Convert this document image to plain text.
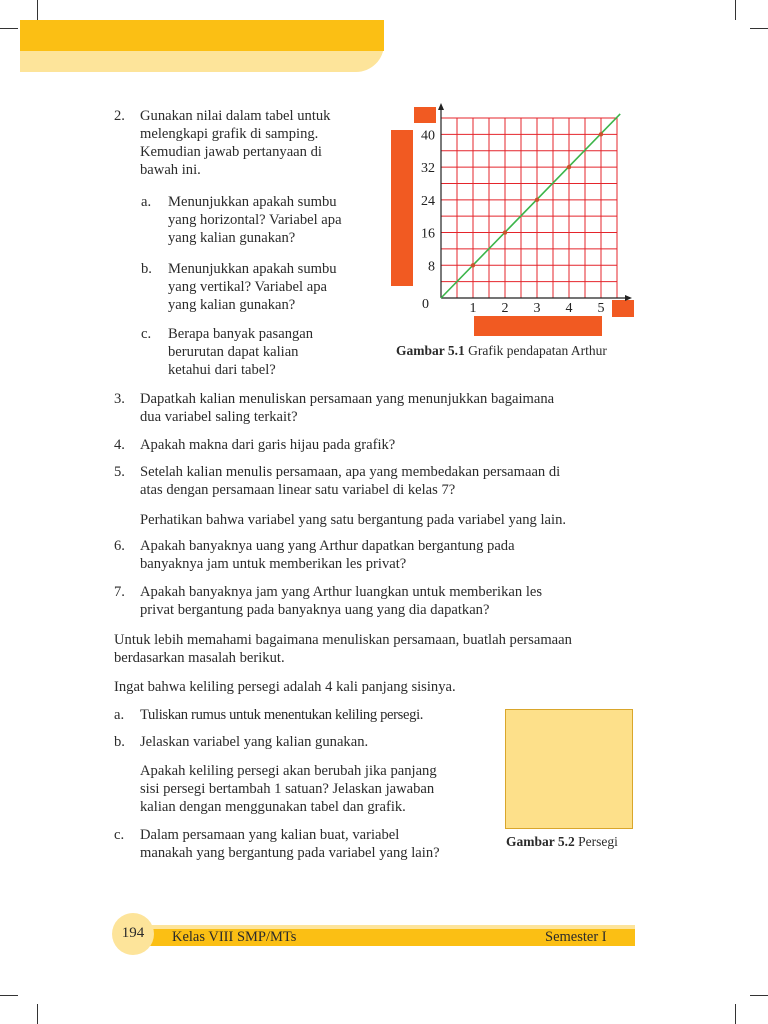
2. Gunakan nilai dalam tabel untuk
melengkapi grafik di samping.
Kemudian jawab pertanyaan di
bawah ini.
a. Menunjukkan apakah sumbu
yang horizontal? Variabel apa
yang kalian gunakan?
b. Menunjukkan apakah sumbu
yang vertikal? Variabel apa
yang kalian gunakan?
c. Berapa banyak pasangan
berurutan dapat kalian
ketahui dari tabel?
1 2 3 4 5
8
16
24
32
40
0
Gambar 5.1 Grafik pendapatan Arthur
3. Dapatkah kalian menuliskan persamaan yang menunjukkan bagaimana
dua variabel saling terkait?
4. Apakah makna dari garis hijau pada grafik?
5. Setelah kalian menulis persamaan, apa yang membedakan persamaan di
atas dengan persamaan linear satu variabel di kelas 7?
Perhatikan bahwa variabel yang satu bergantung pada variabel yang lain.
6. Apakah banyaknya uang yang Arthur dapatkan bergantung pada
banyaknya jam untuk memberikan les privat?
7. Apakah banyaknya jam yang Arthur luangkan untuk memberikan les
privat bergantung pada banyaknya uang yang dia dapatkan?
Untuk lebih memahami bagaimana menuliskan persamaan, buatlah persamaan
berdasarkan masalah berikut.
Ingat bahwa keliling persegi adalah 4 kali panjang sisinya.
a. Tuliskan rumus untuk menentukan keliling persegi.
b. Jelaskan variabel yang kalian gunakan.
Apakah keliling persegi akan berubah jika panjang
sisi persegi bertambah 1 satuan? Jelaskan jawaban
kalian dengan menggunakan tabel dan grafik.
c. Dalam persamaan yang kalian buat, variabel
manakah yang bergantung pada variabel yang lain?
Gambar 5.2 Persegi
194	Kelas VIII SMP/MTs	Semester I
